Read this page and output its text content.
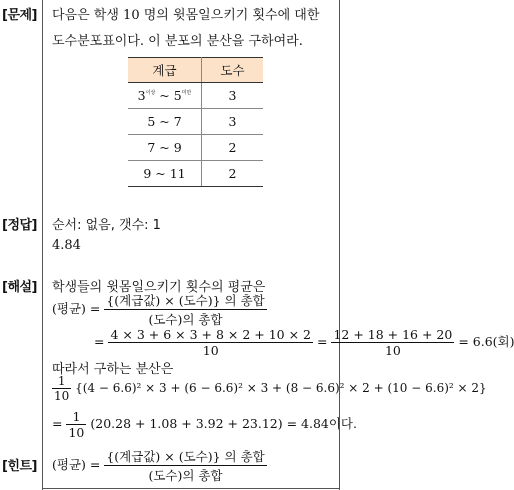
[문제] 다음은 학생 10 명의 윗몸일으키기 횟수에 대한
도수분포표이다. 이 분포의 분산을 구하여라.
계급	도수
$3^{이상}$ ~ $5^{미만}$	3
5 ~ 7	3
7 ~ 9	2
9 ~ 11	2
[정답] 순서: 없음, 갯수: 1
4.84
[해설] 학생들의 윗몸일으키기 횟수의 평균은
(평균) = $\frac{\text{\{(계급값) × (도수)\} 의 총합}}{\text{(도수)의 총합}}$
= $\frac{4 \times 3 + 6 \times 3 + 8 \times 2 + 10 \times 2}{10} = \frac{12 + 18 + 16 + 20}{10} = 6.6$(회)
따라서 구하는 분산은
$\frac{1}{10} \{(4 - 6.6)^2 \times 3 + (6 - 6.6)^2 \times 3 + (8 - 6.6)^2 \times 2 + (10 - 6.6)^2 \times 2\}$
= $\frac{1}{10} (20.28 + 1.08 + 3.92 + 23.12) = 4.84$이다.
[힌트] (평균) = $\frac{\text{\{(계급값) × (도수)\} 의 총합}}{\text{(도수)의 총합}}$
